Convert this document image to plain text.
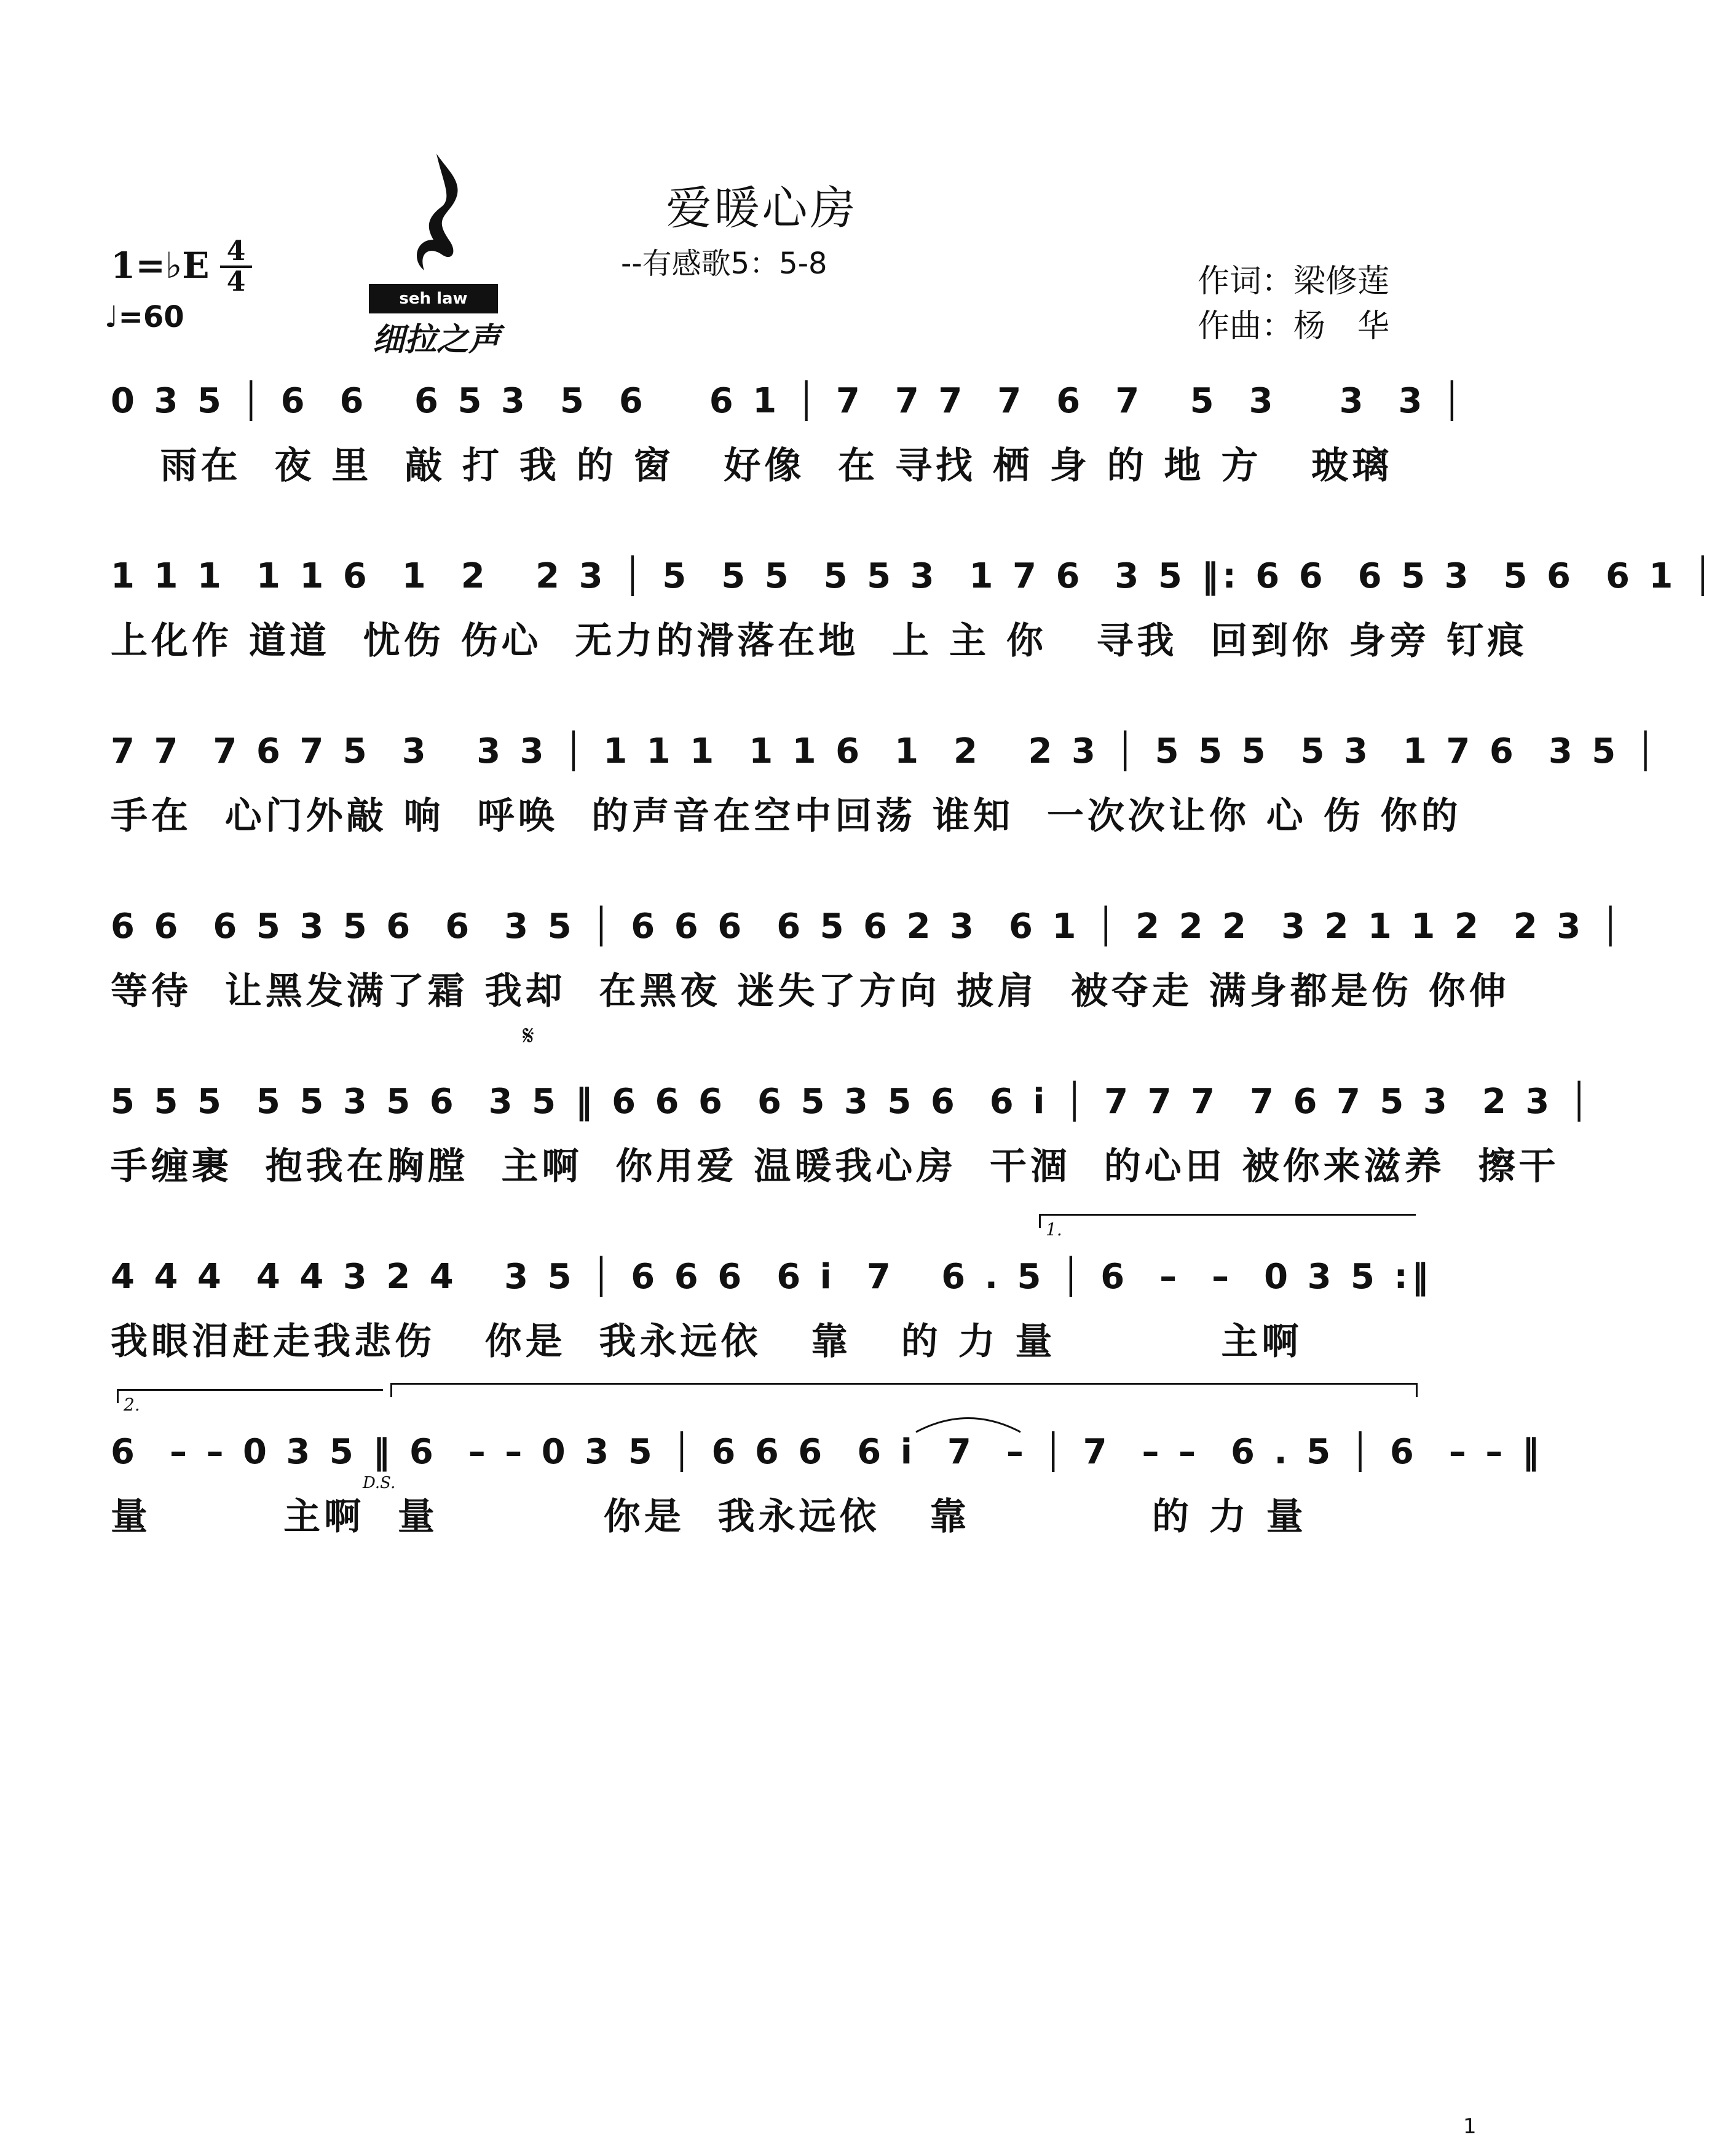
爱暖心房
--有感歌5：5-8
1=♭E 4
4
♩=60
作词：梁修莲
作曲：杨　华
seh law
细拉之声
0 3 5 │ 6  6   6 5 3  5  6    6 1 │ 7  7 7  7  6  7   5  3    3  3 │
雨在  夜 里  敲 打 我 的 窗   好像  在 寻找 栖 身 的 地 方   玻璃
1 1 1  1 1 6  1  2   2 3 │ 5  5 5  5 5 3  1 7 6  3 5 ‖: 6 6  6 5 3  5 6  6 1 │
上化作 道道  忧伤 伤心  无力的滑落在地  上 主 你   寻我  回到你 身旁 钉痕
7 7  7 6 7 5  3   3 3 │ 1 1 1  1 1 6  1  2   2 3 │ 5 5 5  5 3  1 7 6  3 5 │
手在  心门外敲 响  呼唤  的声音在空中回荡 谁知  一次次让你 心 伤 你的
6 6  6 5 3 5 6  6  3 5 │ 6 6 6  6 5 6 2 3  6 1 │ 2 2 2  3 2 1 1 2  2 3 │
等待  让黑发满了霜 我却  在黑夜 迷失了方向 披肩  被夺走 满身都是伤 你伸
𝄋
5 5 5  5 5 3 5 6  3 5 ‖ 6 6 6  6 5 3 5 6  6 i │ 7 7 7  7 6 7 5 3  2 3 │
手缠裹  抱我在胸膛  主啊  你用爱 温暖我心房  干涸  的心田 被你来滋养  擦干
1.
4 4 4  4 4 3 2 4   3 5 │ 6 6 6  6 i  7   6 . 5 │ 6  –  –  0 3 5 :‖
我眼泪赶走我悲伤   你是  我永远依   靠   的 力 量          主啊
2.
6  – – 0 3 5 ‖ 6  – – 0 3 5 │ 6 6 6  6 i  7  – │ 7  – –  6 . 5 │ 6  – – ‖
D.S.
量        主啊  量          你是  我永远依   靠           的 力 量
1
